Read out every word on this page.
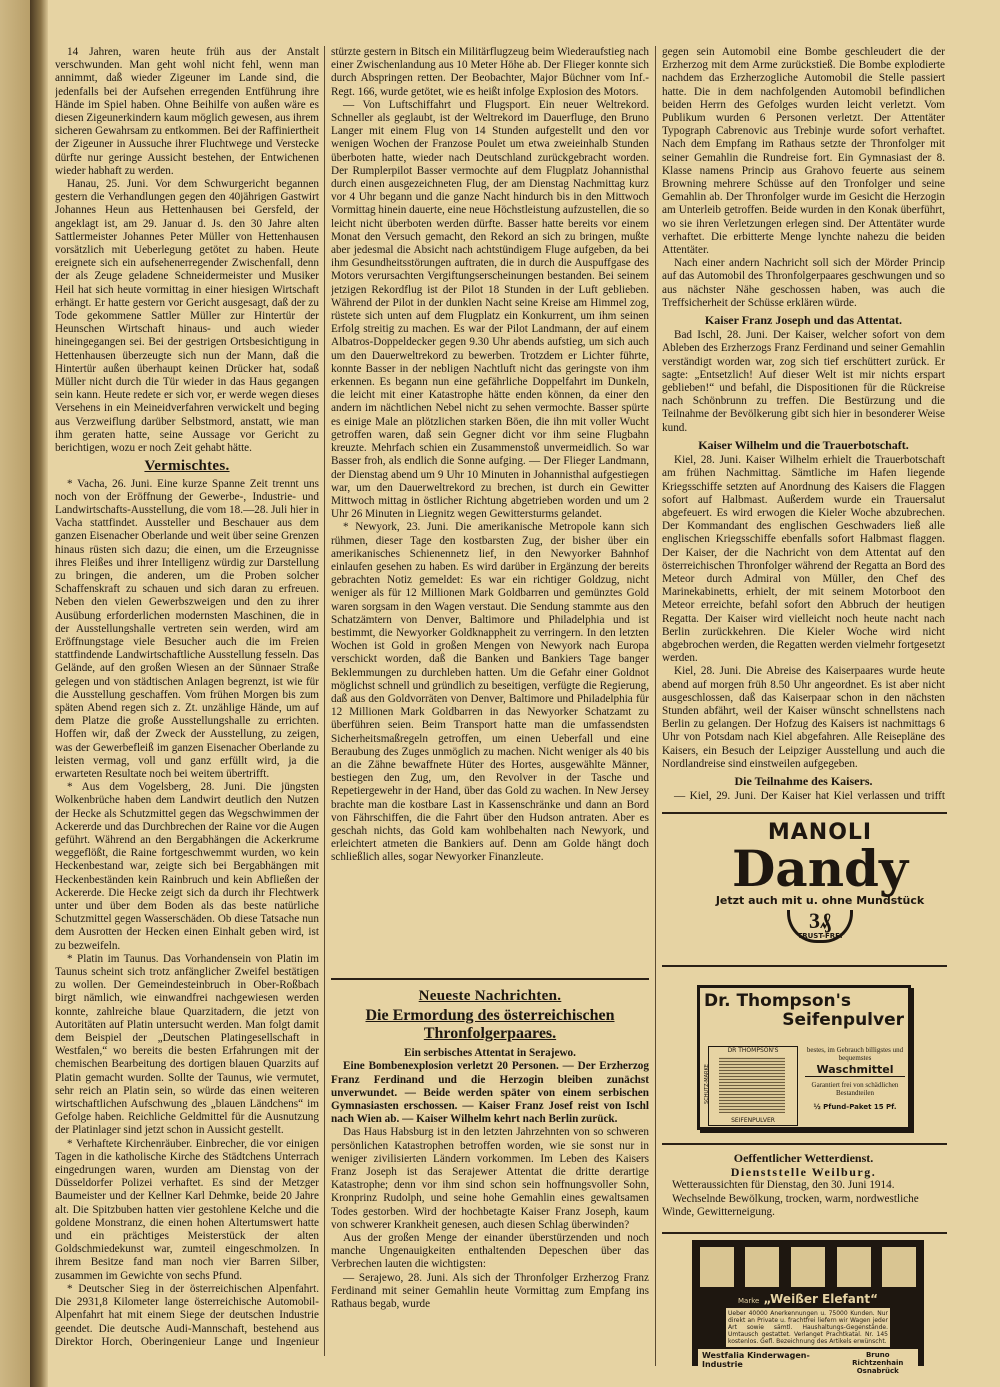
14 Jahren, waren heute früh aus der Anstalt verschwunden. Man geht wohl nicht fehl, wenn man annimmt, daß wieder Zigeuner im Lande sind, die jedenfalls bei der Aufsehen erregenden Entführung ihre Hände im Spiel haben. Ohne Beihilfe von außen wäre es diesen Zigeunerkindern kaum möglich gewesen, aus ihrem sicheren Gewahrsam zu entkommen. Bei der Raffiniertheit der Zigeuner in Aussuche ihrer Fluchtwege und Verstecke dürfte nur geringe Aussicht bestehen, der Entwichenen wieder habhaft zu werden.

Hanau, 25. Juni. Vor dem Schwurgericht begannen gestern die Verhandlungen gegen den 40jährigen Gastwirt Johannes Heun aus Hettenhausen bei Gersfeld, der angeklagt ist, am 29. Januar d. Js. den 30 Jahre alten Sattlermeister Johannes Peter Müller von Hettenhausen vorsätzlich mit Ueberlegung getötet zu haben. Heute ereignete sich ein aufsehenerregender Zwischenfall, denn der als Zeuge geladene Schneidermeister und Musiker Heil hat sich heute vormittag in einer hiesigen Wirtschaft erhängt. Er hatte gestern vor Gericht ausgesagt, daß der zu Tode gekommene Sattler Müller zur Hintertür der Heunschen Wirtschaft hinaus- und auch wieder hineingegangen sei. Bei der gestrigen Ortsbesichtigung in Hettenhausen überzeugte sich nun der Mann, daß die Hintertür außen überhaupt keinen Drücker hat, sodaß Müller nicht durch die Tür wieder in das Haus gegangen sein kann. Heute redete er sich vor, er werde wegen dieses Versehens in ein Meineidverfahren verwickelt und beging aus Verzweiflung darüber Selbstmord, anstatt, wie man ihm geraten hatte, seine Aussage vor Gericht zu berichtigen, wozu er noch Zeit gehabt hätte.

Vermischtes.

* Vacha, 26. Juni. Eine kurze Spanne Zeit trennt uns noch von der Eröffnung der Gewerbe-, Industrie- und Landwirtschafts-Ausstellung, die vom 18.—28. Juli hier in Vacha stattfindet. Aussteller und Beschauer aus dem ganzen Eisenacher Oberlande und weit über seine Grenzen hinaus rüsten sich dazu; die einen, um die Erzeugnisse ihres Fleißes und ihrer Intelligenz würdig zur Darstellung zu bringen, die anderen, um die Proben solcher Schaffenskraft zu schauen und sich daran zu erfreuen. Neben den vielen Gewerbszweigen und den zu ihrer Ausübung erforderlichen modernsten Maschinen, die in der Ausstellungshalle vertreten sein werden, wird am Eröffnungstage viele Besucher auch die im Freien stattfindende Landwirtschaftliche Ausstellung fesseln. Das Gelände, auf den großen Wiesen an der Sünnaer Straße gelegen und von städtischen Anlagen begrenzt, ist wie für die Ausstellung geschaffen. Vom frühen Morgen bis zum späten Abend regen sich z. Zt. unzählige Hände, um auf dem Platze die große Ausstellungshalle zu errichten. Hoffen wir, daß der Zweck der Ausstellung, zu zeigen, was der Gewerbefleiß im ganzen Eisenacher Oberlande zu leisten vermag, voll und ganz erfüllt wird, ja die erwarteten Resultate noch bei weitem übertrifft.

* Aus dem Vogelsberg, 28. Juni. Die jüngsten Wolkenbrüche haben dem Landwirt deutlich den Nutzen der Hecke als Schutzmittel gegen das Wegschwimmen der Ackererde und das Durchbrechen der Raine vor die Augen geführt. Während an den Bergabhängen die Ackerkrume weggeflößt, die Raine fortgeschwemmt wurden, wo kein Heckenbestand war, zeigte sich bei Bergabhängen mit Heckenbeständen kein Rainbruch und kein Abfließen der Ackererde. Die Hecke zeigt sich da durch ihr Flechtwerk unter und über dem Boden als das beste natürliche Schutzmittel gegen Wasserschäden. Ob diese Tatsache nun dem Ausrotten der Hecken einen Einhalt geben wird, ist zu bezweifeln.

* Platin im Taunus. Das Vorhandensein von Platin im Taunus scheint sich trotz anfänglicher Zweifel bestätigen zu wollen. Der Gemeindesteinbruch in Ober-Roßbach birgt nämlich, wie einwandfrei nachgewiesen werden konnte, zahlreiche blaue Quarzitadern, die jetzt von Autoritäten auf Platin untersucht werden. Man folgt damit dem Beispiel der „Deutschen Platingesellschaft in Westfalen,“ wo bereits die besten Erfahrungen mit der chemischen Bearbeitung des dortigen blauen Quarzits auf Platin gemacht wurden. Sollte der Taunus, wie vermutet, sehr reich an Platin sein, so würde das einen weiteren wirtschaftlichen Aufschwung des „blauen Ländchens“ im Gefolge haben. Reichliche Geldmittel für die Ausnutzung der Platinlager sind jetzt schon in Aussicht gestellt.

* Verhaftete Kirchenräuber. Einbrecher, die vor einigen Tagen in die katholische Kirche des Städtchens Unterrach eingedrungen waren, wurden am Dienstag von der Düsseldorfer Polizei verhaftet. Es sind der Metzger Baumeister und der Kellner Karl Dehmke, beide 20 Jahre alt. Die Spitzbuben hatten vier gestohlene Kelche und die goldene Monstranz, die einen hohen Altertumswert hatte und ein prächtiges Meisterstück der alten Goldschmiedekunst war, zumteil eingeschmolzen. In ihrem Besitze fand man noch vier Barren Silber, zusammen im Gewichte von sechs Pfund.

* Deutscher Sieg in der österreichischen Alpenfahrt. Die 2931,8 Kilometer lange österreichische Automobil-Alpenfahrt hat mit einem Siege der deutschen Industrie geendet. Die deutsche Audi-Mannschaft, bestehend aus Direktor Horch, Oberingenieur Lange und Ingenieur

stürzte gestern in Bitsch ein Militärflugzeug beim Wiederaufstieg nach einer Zwischenlandung aus 10 Meter Höhe ab. Der Flieger konnte sich durch Abspringen retten. Der Beobachter, Major Büchner vom Inf.-Regt. 166, wurde getötet, wie es heißt infolge Explosion des Motors.

— Von Luftschiffahrt und Flugsport. Ein neuer Weltrekord. Schneller als geglaubt, ist der Weltrekord im Dauerfluge, den Bruno Langer mit einem Flug von 14 Stunden aufgestellt und den vor wenigen Wochen der Franzose Poulet um etwa zweieinhalb Stunden überboten hatte, wieder nach Deutschland zurückgebracht worden. Der Rumplerpilot Basser vermochte auf dem Flugplatz Johannisthal durch einen ausgezeichneten Flug, der am Dienstag Nachmittag kurz vor 4 Uhr begann und die ganze Nacht hindurch bis in den Mittwoch Vormittag hinein dauerte, eine neue Höchstleistung aufzustellen, die so leicht nicht überboten werden dürfte. Basser hatte bereits vor einem Monat den Versuch gemacht, den Rekord an sich zu bringen, mußte aber jedesmal die Absicht nach achtstündigem Fluge aufgeben, da bei ihm Gesundheitsstörungen auftraten, die in durch die Auspuffgase des Motors verursachten Vergiftungserscheinungen bestanden. Bei seinem jetzigen Rekordflug ist der Pilot 18 Stunden in der Luft geblieben. Während der Pilot in der dunklen Nacht seine Kreise am Himmel zog, rüstete sich unten auf dem Flugplatz ein Konkurrent, um ihm seinen Erfolg streitig zu machen. Es war der Pilot Landmann, der auf einem Albatros-Doppeldecker gegen 9.30 Uhr abends aufstieg, um sich auch um den Dauerweltrekord zu bewerben. Trotzdem er Lichter führte, konnte Basser in der nebligen Nachtluft nicht das geringste von ihm erkennen. Es begann nun eine gefährliche Doppelfahrt im Dunkeln, die leicht mit einer Katastrophe hätte enden können, da einer den andern im nächtlichen Nebel nicht zu sehen vermochte. Basser spürte es einige Male an plötzlichen starken Böen, die ihn mit voller Wucht getroffen waren, daß sein Gegner dicht vor ihm seine Flugbahn kreuzte. Mehrfach schien ein Zusammenstoß unvermeidlich. So war Basser froh, als endlich die Sonne aufging. — Der Flieger Landmann, der Dienstag abend um 9 Uhr 10 Minuten in Johannisthal aufgestiegen war, um den Dauerweltrekord zu brechen, ist durch ein Gewitter Mittwoch mittag in östlicher Richtung abgetrieben worden und um 2 Uhr 26 Minuten in Liegnitz wegen Gewittersturms gelandet.

* Newyork, 23. Juni. Die amerikanische Metropole kann sich rühmen, dieser Tage den kostbarsten Zug, der bisher über ein amerikanisches Schienennetz lief, in den Newyorker Bahnhof einlaufen gesehen zu haben. Es wird darüber in Ergänzung der bereits gebrachten Notiz gemeldet: Es war ein richtiger Goldzug, nicht weniger als für 12 Millionen Mark Goldbarren und gemünztes Gold waren sorgsam in den Wagen verstaut. Die Sendung stammte aus den Schatzämtern von Denver, Baltimore und Philadelphia und ist bestimmt, die Newyorker Goldknappheit zu verringern. In den letzten Wochen ist Gold in großen Mengen von Newyork nach Europa verschickt worden, daß die Banken und Bankiers Tage banger Beklemmungen zu durchleben hatten. Um die Gefahr einer Goldnot möglichst schnell und gründlich zu beseitigen, verfügte die Regierung, daß aus den Goldvorräten von Denver, Baltimore und Philadelphia für 12 Millionen Mark Goldbarren in das Newyorker Schatzamt zu überführen seien. Beim Transport hatte man die umfassendsten Sicherheitsmaßregeln getroffen, um einen Ueberfall und eine Beraubung des Zuges unmöglich zu machen. Nicht weniger als 40 bis an die Zähne bewaffnete Hüter des Hortes, ausgewählte Männer, bestiegen den Zug, um, den Revolver in der Tasche und Repetiergewehr in der Hand, über das Gold zu wachen. In New Jersey brachte man die kostbare Last in Kassenschränke und dann an Bord von Fährschiffen, die die Fahrt über den Hudson antraten. Aber es geschah nichts, das Gold kam wohlbehalten nach Newyork, und erleichtert atmeten die Bankiers auf. Denn am Golde hängt doch schließlich alles, sogar Newyorker Finanzleute.

Neueste Nachrichten.
Die Ermordung des österreichischen Thronfolgerpaares.

Ein serbisches Attentat in Serajewo.

Eine Bombenexplosion verletzt 20 Personen. — Der Erzherzog Franz Ferdinand und die Herzogin bleiben zunächst unverwundet. — Beide werden später von einem serbischen Gymnasiasten erschossen. — Kaiser Franz Josef reist von Ischl nach Wien ab. — Kaiser Wilhelm kehrt nach Berlin zurück.

Das Haus Habsburg ist in den letzten Jahrzehnten von so schweren persönlichen Katastrophen betroffen worden, wie sie sonst nur in weniger zivilisierten Ländern vorkommen. Im Leben des Kaisers Franz Joseph ist das Serajewer Attentat die dritte derartige Katastrophe; denn vor ihm sind schon sein hoffnungsvoller Sohn, Kronprinz Rudolph, und seine hohe Gemahlin eines gewaltsamen Todes gestorben. Wird der hochbetagte Kaiser Franz Joseph, kaum von schwerer Krankheit genesen, auch diesen Schlag überwinden?

Aus der großen Menge der einander überstürzenden und noch manche Ungenauigkeiten enthaltenden Depeschen über das Verbrechen lauten die wichtigsten:

— Serajewo, 28. Juni. Als sich der Thronfolger Erzherzog Franz Ferdinand mit seiner Gemahlin heute Vormittag zum Empfang ins Rathaus begab, wurde

gegen sein Automobil eine Bombe geschleudert die der Erzherzog mit dem Arme zurückstieß. Die Bombe explodierte nachdem das Erzherzogliche Automobil die Stelle passiert hatte. Die in dem nachfolgenden Automobil befindlichen beiden Herrn des Gefolges wurden leicht verletzt. Vom Publikum wurden 6 Personen verletzt. Der Attentäter Typograph Cabrenovic aus Trebinje wurde sofort verhaftet. Nach dem Empfang im Rathaus setzte der Thronfolger mit seiner Gemahlin die Rundreise fort. Ein Gymnasiast der 8. Klasse namens Princip aus Grahovo feuerte aus seinem Browning mehrere Schüsse auf den Tronfolger und seine Gemahlin ab. Der Thronfolger wurde im Gesicht die Herzogin am Unterleib getroffen. Beide wurden in den Konak überführt, wo sie ihren Verletzungen erlegen sind. Der Attentäter wurde verhaftet. Die erbitterte Menge lynchte nahezu die beiden Attentäter.

Nach einer andern Nachricht soll sich der Mörder Princip auf das Automobil des Thronfolgerpaares geschwungen und so aus nächster Nähe geschossen haben, was auch die Treffsicherheit der Schüsse erklären würde.

Kaiser Franz Joseph und das Attentat.

Bad Ischl, 28. Juni. Der Kaiser, welcher sofort von dem Ableben des Erzherzogs Franz Ferdinand und seiner Gemahlin verständigt worden war, zog sich tief erschüttert zurück. Er sagte: „Entsetzlich! Auf dieser Welt ist mir nichts erspart geblieben!“ und befahl, die Dispositionen für die Rückreise nach Schönbrunn zu treffen. Die Bestürzung und die Teilnahme der Bevölkerung gibt sich hier in besonderer Weise kund.

Kaiser Wilhelm und die Trauerbotschaft.

Kiel, 28. Juni. Kaiser Wilhelm erhielt die Trauerbotschaft am frühen Nachmittag. Sämtliche im Hafen liegende Kriegsschiffe setzten auf Anordnung des Kaisers die Flaggen sofort auf Halbmast. Außerdem wurde ein Trauersalut abgefeuert. Es wird erwogen die Kieler Woche abzubrechen. Der Kommandant des englischen Geschwaders ließ alle englischen Kriegsschiffe ebenfalls sofort Halbmast flaggen. Der Kaiser, der die Nachricht von dem Attentat auf den österreichischen Thronfolger während der Regatta an Bord des Meteor durch Admiral von Müller, den Chef des Marinekabinetts, erhielt, der mit seinem Motorboot den Meteor erreichte, befahl sofort den Abbruch der heutigen Regatta. Der Kaiser wird vielleicht noch heute nacht nach Berlin zurückkehren. Die Kieler Woche wird nicht abgebrochen werden, die Regatten werden vielmehr fortgesetzt werden.

Kiel, 28. Juni. Die Abreise des Kaiserpaares wurde heute abend auf morgen früh 8.50 Uhr angeordnet. Es ist aber nicht ausgeschlossen, daß das Kaiserpaar schon in den nächsten Stunden abfährt, weil der Kaiser wünscht schnellstens nach Berlin zu gelangen. Der Hofzug des Kaisers ist nachmittags 6 Uhr von Potsdam nach Kiel abgefahren. Alle Reisepläne des Kaisers, ein Besuch der Leipziger Ausstellung und auch die Nordlandreise sind einstweilen aufgegeben.

Die Teilnahme des Kaisers.

— Kiel, 29. Juni. Der Kaiser hat Kiel verlassen und trifft

MANOLI
Dandy
Jetzt auch mit u. ohne Mundstück
3₰
TRUST-FREI
Dr. Thompson's
Seifenpulver
DR THOMPSON'S
SEIFENPULVER
SCHUTZ-MARKE
bestes, im Gebrauch billigstes und bequemstes
Waschmittel
Garantiert frei von schädlichen Bestandteilen
½ Pfund-Paket 15 Pf.
Oeffentlicher Wetterdienst.
Dienststelle Weilburg.

Wetteraussichten für Dienstag, den 30. Juni 1914.

Wechselnde Bewölkung, trocken, warm, nordwestliche Winde, Gewitterneigung.

Marke „Weißer Elefant“
Ueber 40000 Anerkennungen u. 75000 Kunden. Nur direkt an Private u. frachtfrei liefern wir Wagen jeder Art sowie sämtl. Haushaltungs-Gegenstände. Umtausch gestattet. Verlanget Prachtkatal. Nr. 145 kostenlos. Gefl. Bezeichnung des Artikels erwünscht.
Westfalia Kinderwagen-Industrie
Bruno Richtzenhain
Osnabrück
